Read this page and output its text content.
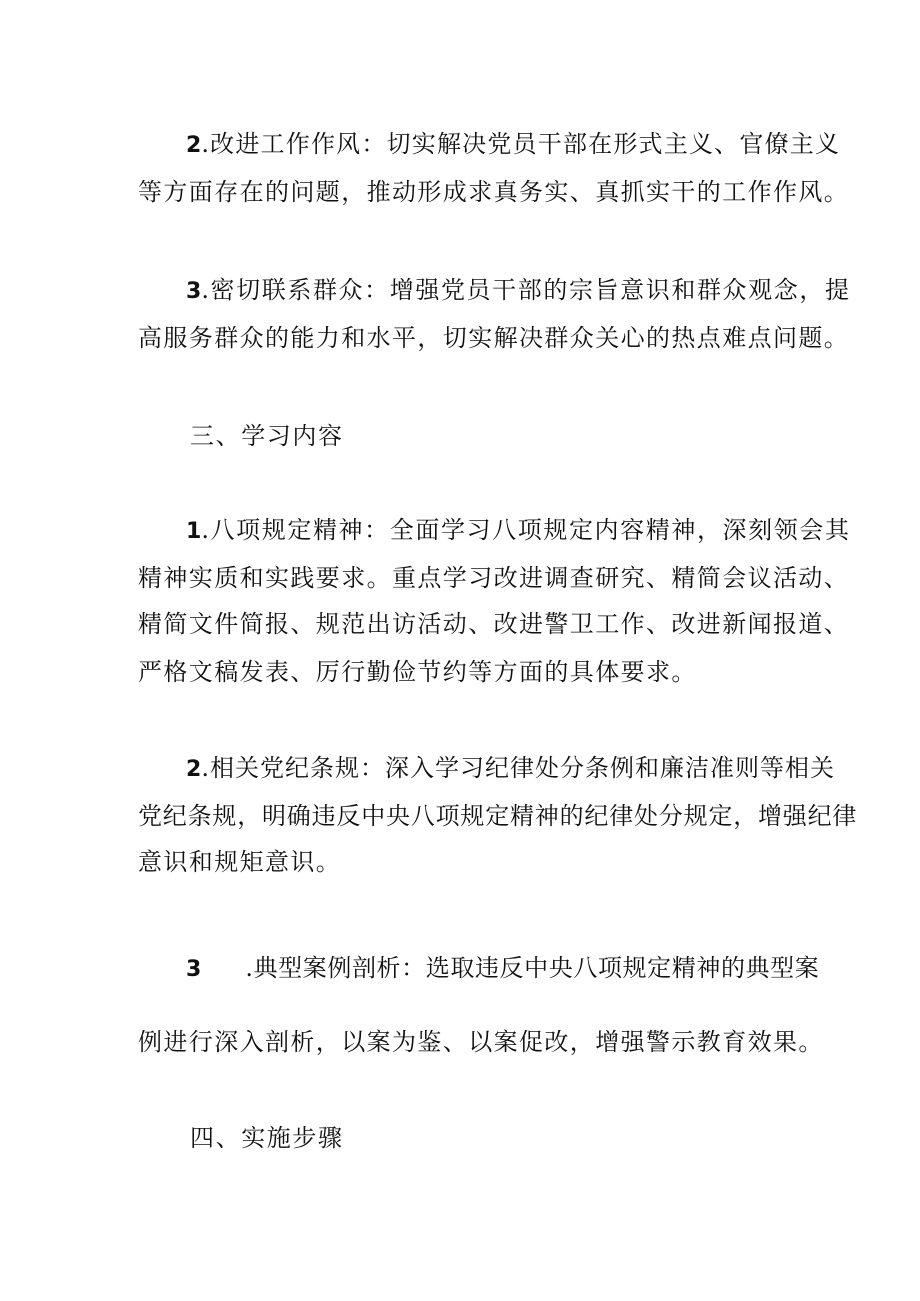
2.改进工作作风：切实解决党员干部在形式主义、官僚主义
等方面存在的问题，推动形成求真务实、真抓实干的工作作风。
3.密切联系群众：增强党员干部的宗旨意识和群众观念，提
高服务群众的能力和水平，切实解决群众关心的热点难点问题。
三、学习内容
1.八项规定精神：全面学习八项规定内容精神，深刻领会其
精神实质和实践要求。重点学习改进调查研究、精简会议活动、
精简文件简报、规范出访活动、改进警卫工作、改进新闻报道、
严格文稿发表、厉行勤俭节约等方面的具体要求。
2.相关党纪条规：深入学习纪律处分条例和廉洁准则等相关
党纪条规，明确违反中央八项规定精神的纪律处分规定，增强纪律
意识和规矩意识。
3 .典型案例剖析：选取违反中央八项规定精神的典型案
例进行深入剖析，以案为鉴、以案促改，增强警示教育效果。
四、实施步骤
